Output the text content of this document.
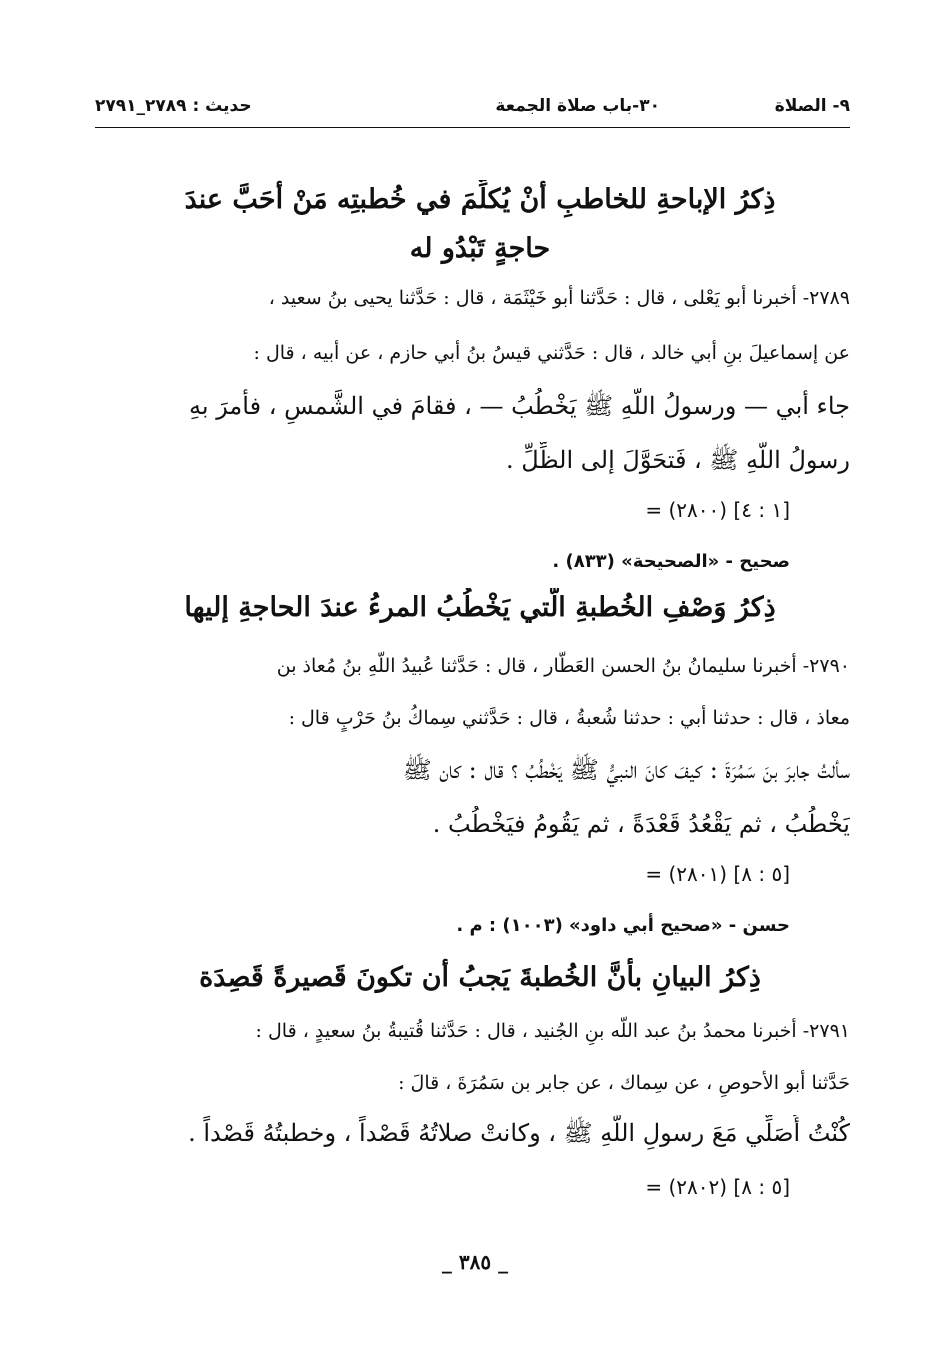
٩- الصلاة
٣٠-باب صلاة الجمعة
حديث : ٢٧٨٩_٢٧٩١
ذِكرُ الإباحةِ للخاطبِ أنْ يُكلِّمَ في خُطبتِه مَنْ أحَبَّ عندَ
حاجةٍ تَبْدُو له
٢٧٨٩- أخبرنا أبو يَعْلى ، قال : حَدَّثنا أبو خَيْثَمَة ، قال : حَدَّثنا يحيى بنُ سعيد ،
عن إسماعيلَ بنِ أبي خالد ، قال : حَدَّثني قيسُ بنُ أبي حازم ، عن أبيه ، قال :
جاء أبي — ورسولُ اللّهِ ﷺ يَخْطُبُ — ، فقامَ في الشَّمسِ ، فأمرَ بهِ
رسولُ اللّهِ ﷺ ، فَتحَوَّلَ إلى الظِّلِّ .
= (٢٨٠٠) [١ : ٤]
صحيح - «الصحيحة» (٨٣٣) .
ذِكرُ وَصْفِ الخُطبةِ الَّتي يَخْطُبُ المرءُ عندَ الحاجةِ إليها
٢٧٩٠- أخبرنا سليمانُ بنُ الحسن العَطَّار ، قال : حَدَّثنا عُبيدُ اللّهِ بنُ مُعاذ بن
معاذ ، قال : حدثنا أبي : حدثنا شُعبةُ ، قال : حَدَّثني سِماكُ بنُ حَرْبٍ قال :
سألتُ جابرَ بنَ سَمُرَةَ : كيفَ كانَ النبيُّ ﷺ يَخْطُبُ ؟ قال : كان ﷺ
يَخْطُبُ ، ثم يَقْعُدُ قَعْدَةً ، ثم يَقُومُ فيَخْطُبُ .
= (٢٨٠١) [٥ : ٨]
حسن - «صحيح أبي داود» (١٠٠٣) : م .
ذِكرُ البيانِ بأنَّ الخُطبةَ يَجبُ أن تكونَ قَصيرةً قَصِدَة
٢٧٩١- أخبرنا محمدُ بنُ عبد اللّه بنِ الجُنيد ، قال : حَدَّثنا قُتيبةُ بنُ سعيدٍ ، قال :
حَدَّثنا أبو الأحوصِ ، عن سِماك ، عن جابر بن سَمُرَةَ ، قالَ :
كُنْتُ أُصَلِّي مَعَ رسولِ اللّهِ ﷺ ، وكانتْ صلاتُهُ قَصْداً ، وخطبتُهُ قَصْداً .
= (٢٨٠٢) [٥ : ٨]
_ ٣٨٥ _
